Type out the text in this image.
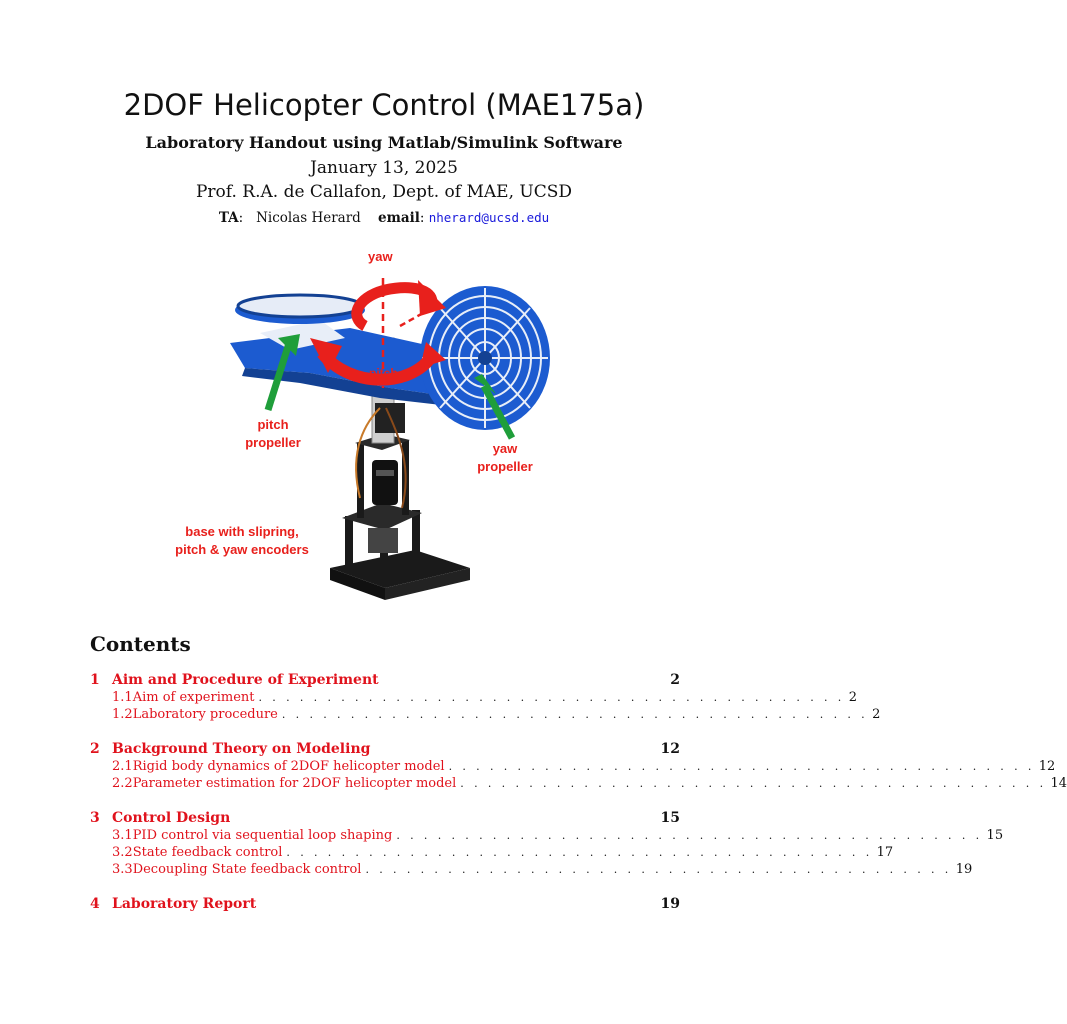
2DOF Helicopter Control (MAE175a)
Laboratory Handout using Matlab/Simulink Software
January 13, 2025
Prof. R.A. de Callafon, Dept. of MAE, UCSD
TA:   Nicolas Herard email: nherard@ucsd.edu
yaw
pitch
pitch
propeller	yaw
propeller
base with slipring,
pitch & yaw encoders
Contents
1 Aim and Procedure of Experiment	2
1.1 Aim of experiment . . . . . . . . . . . . . . . . . . . . . . . . . . . . . . . . . . . . . . . . . . . 2
1.2 Laboratory procedure . . . . . . . . . . . . . . . . . . . . . . . . . . . . . . . . . . . . . . . . . . . 2
2 Background Theory on Modeling	12
2.1 Rigid body dynamics of 2DOF helicopter model . . . . . . . . . . . . . . . . . . . . . . . . . . . . . . . . . . . . . . . . . . . 12
2.2 Parameter estimation for 2DOF helicopter model . . . . . . . . . . . . . . . . . . . . . . . . . . . . . . . . . . . . . . . . . . . 14
3 Control Design	15
3.1 PID control via sequential loop shaping . . . . . . . . . . . . . . . . . . . . . . . . . . . . . . . . . . . . . . . . . . . 15
3.2 State feedback control . . . . . . . . . . . . . . . . . . . . . . . . . . . . . . . . . . . . . . . . . . . 17
3.3 Decoupling State feedback control . . . . . . . . . . . . . . . . . . . . . . . . . . . . . . . . . . . . . . . . . . . 19
4 Laboratory Report	19
